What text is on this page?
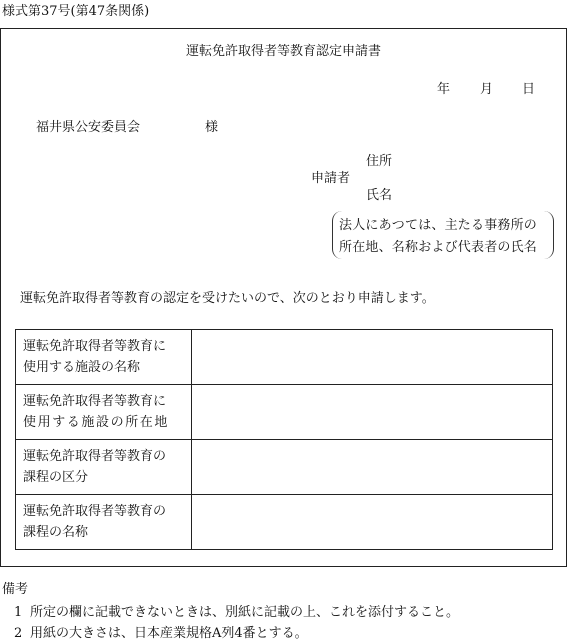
様式第37号(第47条関係)
運転免許取得者等教育認定申請書
年 月 日
福井県公安委員会	様
申請者
住所
氏名
法人にあつては、主たる事務所の
所在地、名称および代表者の氏名
運転免許取得者等教育の認定を受けたいので、次のとおり申請します。
運転免許取得者等教育に
使用する施設の名称	

運転免許取得者等教育に
使用する施設の所在地	

運転免許取得者等教育の
課程の区分	

運転免許取得者等教育の
課程の名称	

備考
1 所定の欄に記載できないときは、別紙に記載の上、これを添付すること。
2 用紙の大きさは、日本産業規格A列4番とする。
